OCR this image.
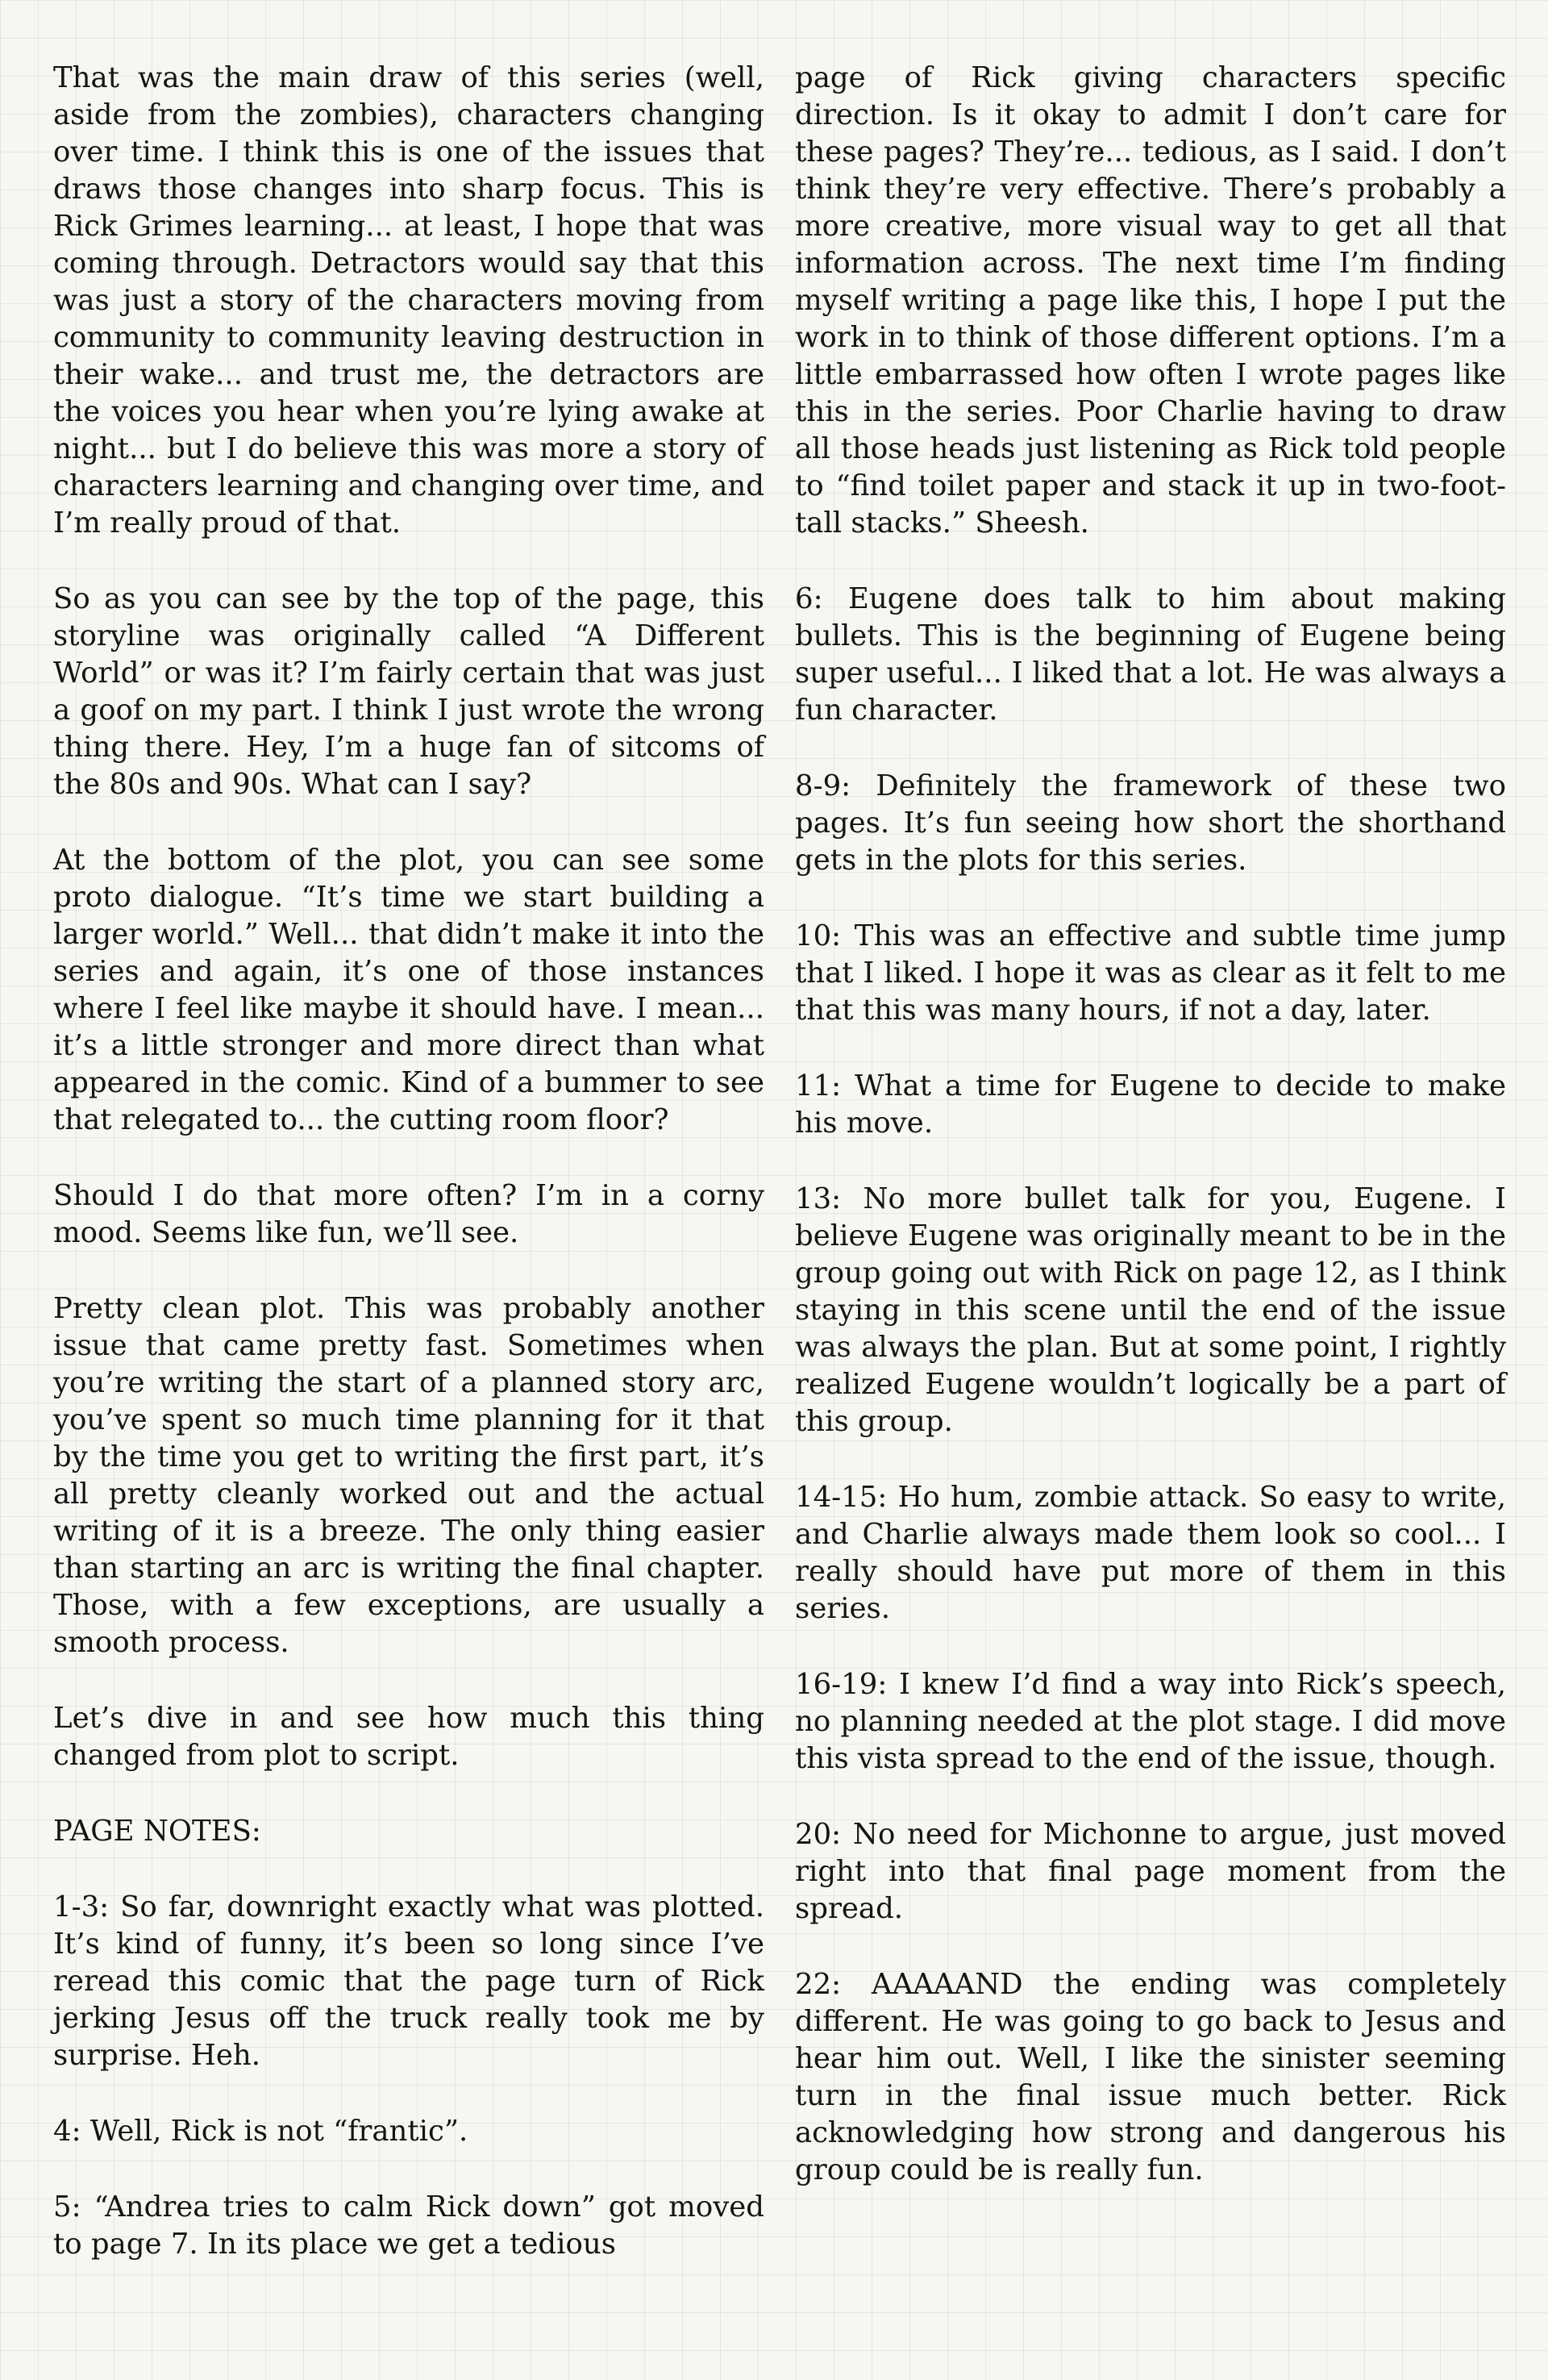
That was the main draw of this series (well, aside from the zombies), characters changing over time. I think this is one of the issues that draws those changes into sharp focus. This is Rick Grimes learning... at least, I hope that was coming through. Detractors would say that this was just a story of the characters moving from community to community leaving destruction in their wake... and trust me, the detractors are the voices you hear when you’re lying awake at night... but I do believe this was more a story of characters learning and changing over time, and I’m really proud of that.

So as you can see by the top of the page, this storyline was originally called “A Different World” or was it? I’m fairly certain that was just a goof on my part. I think I just wrote the wrong thing there. Hey, I’m a huge fan of sitcoms of the 80s and 90s. What can I say?

At the bottom of the plot, you can see some proto dialogue. “It’s time we start building a larger world.” Well... that didn’t make it into the series and again, it’s one of those instances where I feel like maybe it should have. I mean... it’s a little stronger and more direct than what appeared in the comic. Kind of a bummer to see that relegated to... the cutting room floor?

Should I do that more often? I’m in a corny mood. Seems like fun, we’ll see.

Pretty clean plot. This was probably another issue that came pretty fast. Sometimes when you’re writing the start of a planned story arc, you’ve spent so much time planning for it that by the time you get to writing the first part, it’s all pretty cleanly worked out and the actual writing of it is a breeze. The only thing easier than starting an arc is writing the final chapter. Those, with a few exceptions, are usually a smooth process.

Let’s dive in and see how much this thing changed from plot to script.

PAGE NOTES:

1-3: So far, downright exactly what was plotted. It’s kind of funny, it’s been so long since I’ve reread this comic that the page turn of Rick jerking Jesus off the truck really took me by surprise. Heh.

4: Well, Rick is not “frantic”.

5: “Andrea tries to calm Rick down” got moved to page 7. In its place we get a tedious

page of Rick giving characters specific direction. Is it okay to admit I don’t care for these pages? They’re... tedious, as I said. I don’t think they’re very effective. There’s probably a more creative, more visual way to get all that information across. The next time I’m finding myself writing a page like this, I hope I put the work in to think of those different options. I’m a little embarrassed how often I wrote pages like this in the series. Poor Charlie having to draw all those heads just listening as Rick told people to “find toilet paper and stack it up in two-foot-tall stacks.” Sheesh.

6: Eugene does talk to him about making bullets. This is the beginning of Eugene being super useful... I liked that a lot. He was always a fun character.

8-9: Definitely the framework of these two pages. It’s fun seeing how short the shorthand gets in the plots for this series.

10: This was an effective and subtle time jump that I liked. I hope it was as clear as it felt to me that this was many hours, if not a day, later.

11: What a time for Eugene to decide to make his move.

13: No more bullet talk for you, Eugene. I believe Eugene was originally meant to be in the group going out with Rick on page 12, as I think staying in this scene until the end of the issue was always the plan. But at some point, I rightly realized Eugene wouldn’t logically be a part of this group.

14-15: Ho hum, zombie attack. So easy to write, and Charlie always made them look so cool... I really should have put more of them in this series.

16-19: I knew I’d find a way into Rick’s speech, no planning needed at the plot stage. I did move this vista spread to the end of the issue, though.

20: No need for Michonne to argue, just moved right into that final page moment from the spread.

22: AAAAAND the ending was completely different. He was going to go back to Jesus and hear him out. Well, I like the sinister seeming turn in the final issue much better. Rick acknowledging how strong and dangerous his group could be is really fun.
